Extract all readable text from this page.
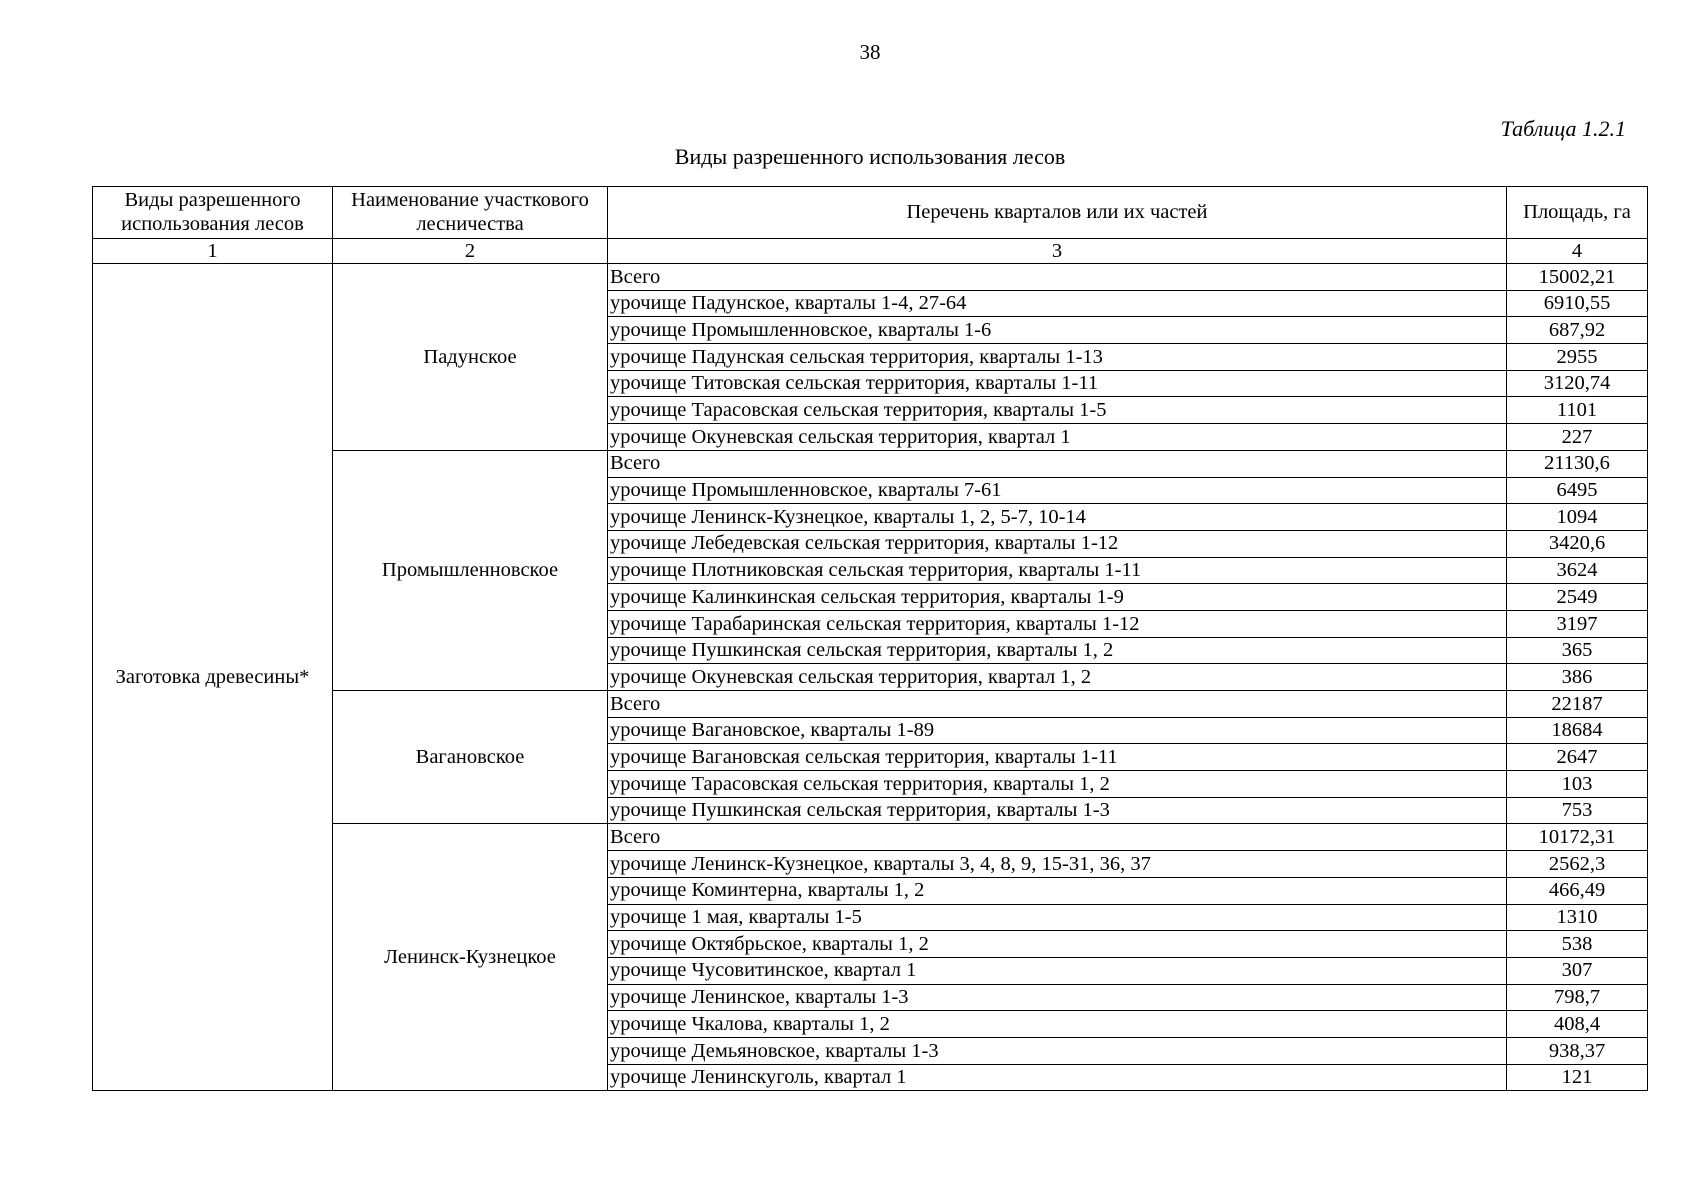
38
Таблица 1.2.1
Виды разрешенного использования лесов
Виды разрешенного использования лесов	Наименование участкового лесничества	Перечень кварталов или их частей	Площадь, га
1	2	3	4
Заготовка древесины*	Падунское	Всего	15002,21
		урочище Падунское, кварталы 1-4, 27-64	6910,55
		урочище Промышленновское, кварталы 1-6	687,92
		урочище Падунская сельская территория, кварталы 1-13	2955
		урочище Титовская сельская территория, кварталы 1-11	3120,74
		урочище Тарасовская сельская территория, кварталы 1-5	1101
		урочище Окуневская сельская территория, квартал 1	227
	Промышленновское	Всего	21130,6
		урочище Промышленновское, кварталы 7-61	6495
		урочище Ленинск-Кузнецкое, кварталы 1, 2, 5-7, 10-14	1094
		урочище Лебедевская сельская территория, кварталы 1-12	3420,6
		урочище Плотниковская сельская территория, кварталы 1-11	3624
		урочище Калинкинская сельская территория, кварталы 1-9	2549
		урочище Тарабаринская сельская территория, кварталы 1-12	3197
		урочище Пушкинская сельская территория, кварталы 1, 2	365
		урочище Окуневская сельская территория, квартал 1, 2	386
	Вагановское	Всего	22187
		урочище Вагановское, кварталы 1-89	18684
		урочище Вагановская сельская территория, кварталы 1-11	2647
		урочище Тарасовская сельская территория, кварталы 1, 2	103
		урочище Пушкинская сельская территория, кварталы 1-3	753
	Ленинск-Кузнецкое	Всего	10172,31
		урочище Ленинск-Кузнецкое, кварталы 3, 4, 8, 9, 15-31, 36, 37	2562,3
		урочище Коминтерна, кварталы 1, 2	466,49
		урочище 1 мая, кварталы 1-5	1310
		урочище Октябрьское, кварталы 1, 2	538
		урочище Чусовитинское, квартал 1	307
		урочище Ленинское, кварталы 1-3	798,7
		урочище Чкалова, кварталы 1, 2	408,4
		урочище Демьяновское, кварталы 1-3	938,37
		урочище Ленинскуголь, квартал 1	121
